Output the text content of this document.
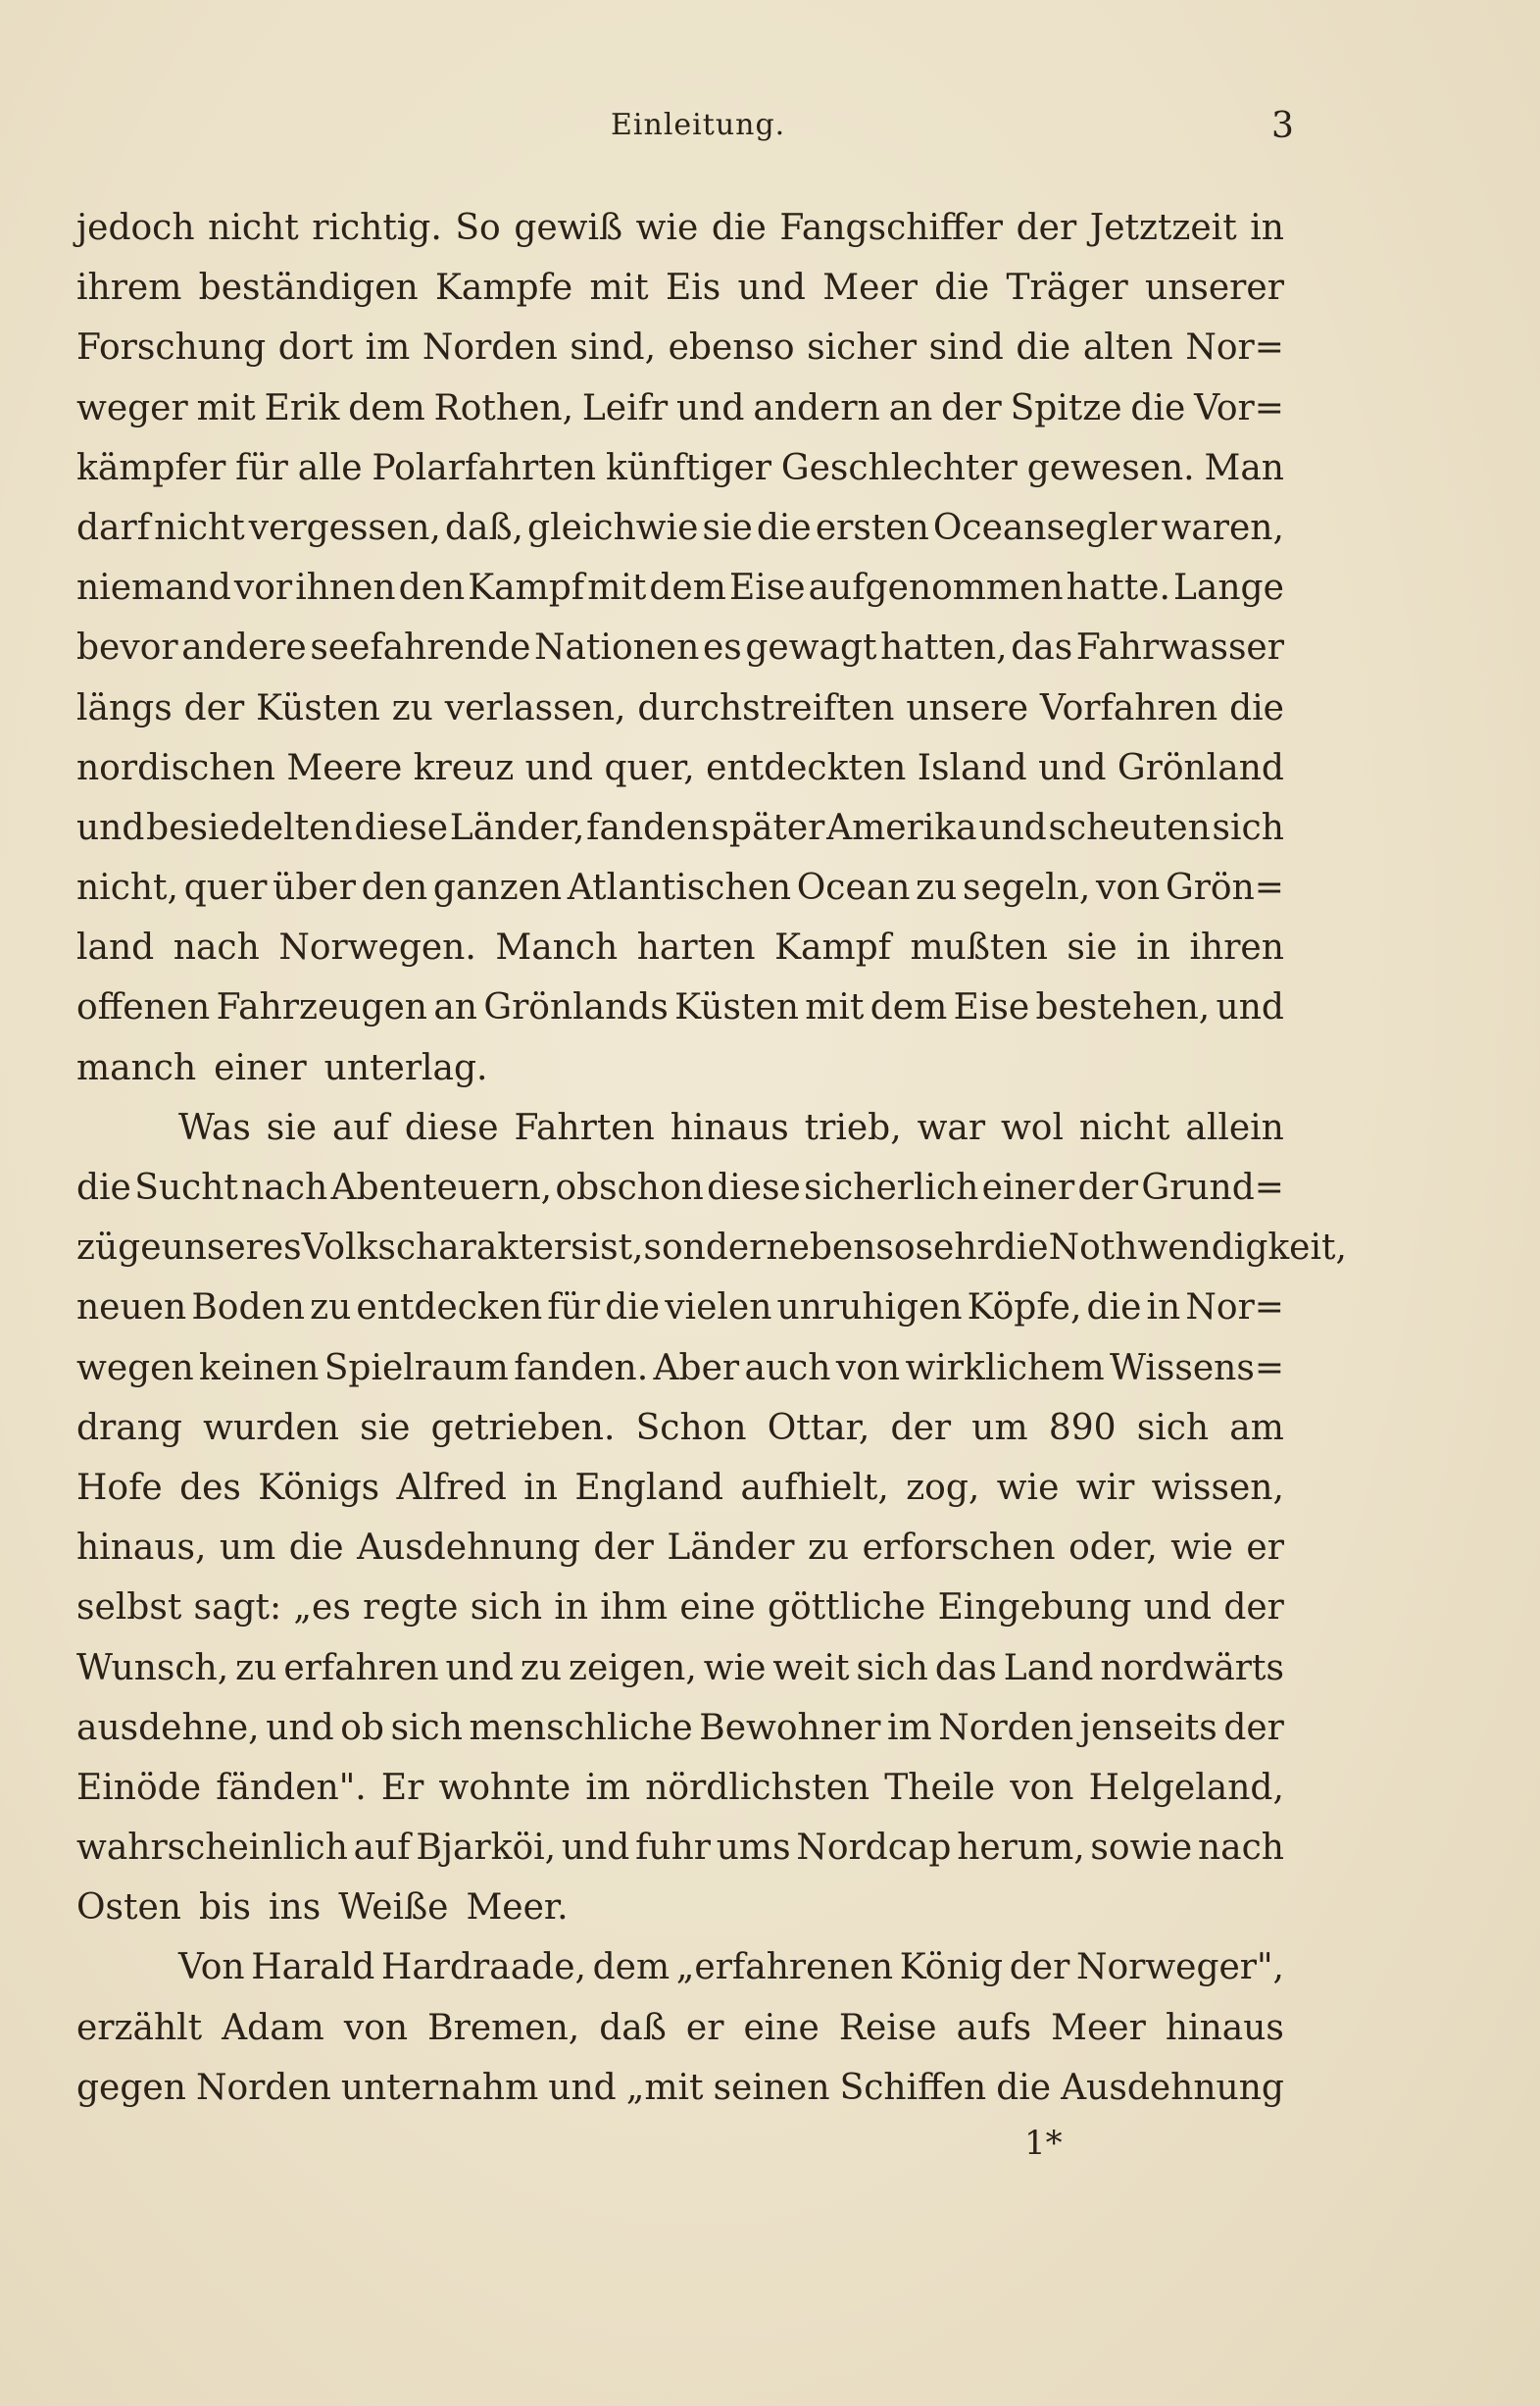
Einleitung.	3
jedoch nicht richtig. So gewiß wie die Fangschiffer der Jetztzeit in
ihrem beständigen Kampfe mit Eis und Meer die Träger unserer
Forschung dort im Norden sind, ebenso sicher sind die alten Nor=
weger mit Erik dem Rothen, Leifr und andern an der Spitze die Vor=
kämpfer für alle Polarfahrten künftiger Geschlechter gewesen. Man
darf nicht vergessen, daß, gleichwie sie die ersten Oceansegler waren,
niemand vor ihnen den Kampf mit dem Eise aufgenommen hatte. Lange
bevor andere seefahrende Nationen es gewagt hatten, das Fahrwasser
längs der Küsten zu verlassen, durchstreiften unsere Vorfahren die
nordischen Meere kreuz und quer, entdeckten Island und Grönland
und besiedelten diese Länder, fanden später Amerika und scheuten sich
nicht, quer über den ganzen Atlantischen Ocean zu segeln, von Grön=
land nach Norwegen. Manch harten Kampf mußten sie in ihren
offenen Fahrzeugen an Grönlands Küsten mit dem Eise bestehen, und
manch einer unterlag.
Was sie auf diese Fahrten hinaus trieb, war wol nicht allein
die Sucht nach Abenteuern, obschon diese sicherlich einer der Grund=
züge unseres Volkscharakters ist, sondern ebenso sehr die Nothwendigkeit,
neuen Boden zu entdecken für die vielen unruhigen Köpfe, die in Nor=
wegen keinen Spielraum fanden. Aber auch von wirklichem Wissens=
drang wurden sie getrieben. Schon Ottar, der um 890 sich am
Hofe des Königs Alfred in England aufhielt, zog, wie wir wissen,
hinaus, um die Ausdehnung der Länder zu erforschen oder, wie er
selbst sagt: „es regte sich in ihm eine göttliche Eingebung und der
Wunsch, zu erfahren und zu zeigen, wie weit sich das Land nordwärts
ausdehne, und ob sich menschliche Bewohner im Norden jenseits der
Einöde fänden". Er wohnte im nördlichsten Theile von Helgeland,
wahrscheinlich auf Bjarköi, und fuhr ums Nordcap herum, sowie nach
Osten bis ins Weiße Meer.
Von Harald Hardraade, dem „erfahrenen König der Norweger",
erzählt Adam von Bremen, daß er eine Reise aufs Meer hinaus
gegen Norden unternahm und „mit seinen Schiffen die Ausdehnung
1*
